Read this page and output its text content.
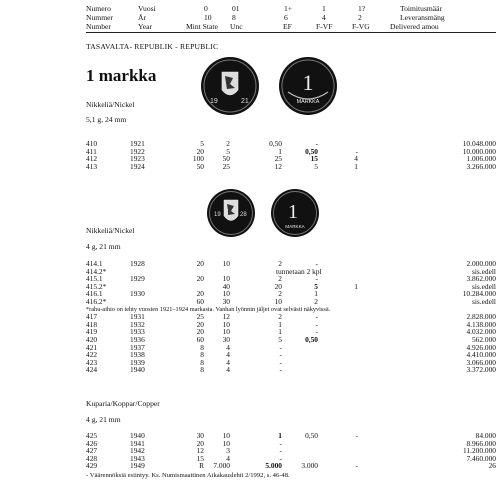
Numero	Vuosi	0	01	1+	1	1?	Toimitusmäär
Nummer	År	10	8	6	4	2	Leveransmäng
Number	Year	Mint State Unc	EF	F-VF	F-VG	Delivered amou
TASAVALTA- REPUBLIK - REPUBLIC
1 markka
19	21
1
MARKKA
Nikkeliä/Nickel
5,1 g, 24 mm
410	1921	5	2	0,50	-	10.048.000
411	1922	20	5	1	0,50	-	10.000.000
412	1923	100	50	25	15	4	1.006.000
413	1924	50	25	12	5	1	3.266.000
19	28 1
MARKKA
Nikkeliä/Nickel
4 g, 21 mm
414.1	1928	20	10	2	-	2.000.000
414.2*	tunnetaan 2 kpl	sis.edell
415.1	1929	20	10	2	-	3.862.000
415.2*	40	20	5	1	sis.edell
416.1	1930	20	10	2	1	10.284.000
416.2*	60	30	10	2	sis.edell
*rahu-aihio on tehty vuosien 1921–1924 markasta. Vanhan lyönnin jäljet ovat selvästi näkyvissä.
417	1931	25	12	2	-	2.828.000
418	1932	20	10	1	-	4.138.000
419	1933	20	10	1	-	4.032.000
420	1936	60	30	5	0,50	562.000
421	1937	8	4	-	4.926.000
422	1938	8	4	-	4.410.000
423	1939	8	4	-	3.066.000
424	1940	8	4	-	3.372.000
Kuparia/Koppar/Copper
4 g, 21 mm
425	1940	30	10	1	0,50	-	84.000
426	1941	20	10	-	8.966.000
427	1942	12	3	-	11.200.000
428	1943	15	4	-	7.460.000
429	1949	R	7.000	5.000	3.000	-	26
- Väärennöksiä esiintyy. Ks. Numismaattinen Aikakauslehti 2/1992, s. 46-48.
